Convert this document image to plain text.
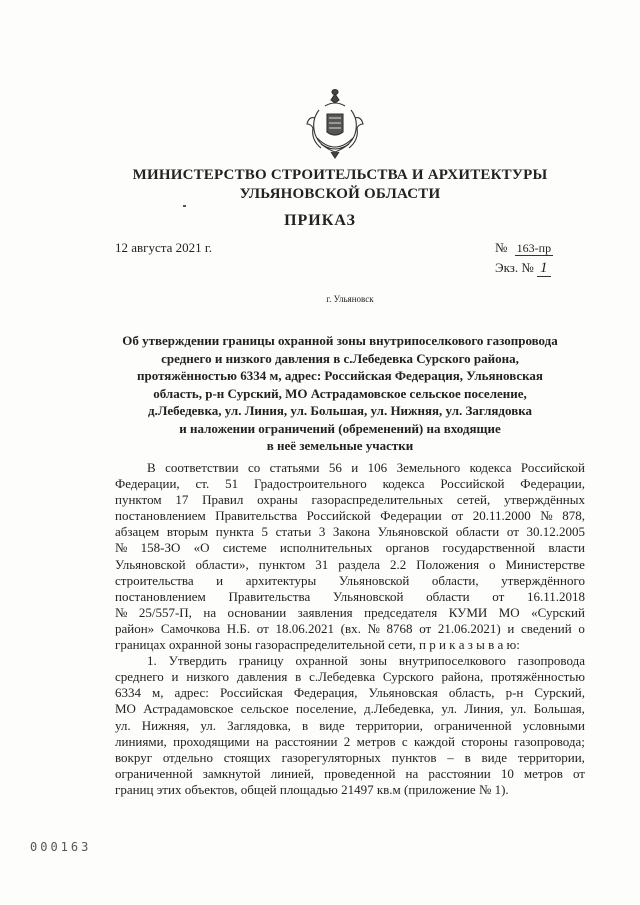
МИНИСТЕРСТВО СТРОИТЕЛЬСТВА И АРХИТЕКТУРЫ
УЛЬЯНОВСКОЙ ОБЛАСТИ
ПРИКАЗ
12 августа 2021 г.	№ 163-пр
Экз. № 1
г. Ульяновск
Об утверждении границы охранной зоны внутрипоселкового газопровода
среднего и низкого давления в с.Лебедевка Сурского района,
протяжённостью 6334 м, адрес: Российская Федерация, Ульяновская
область, р-н Сурский, МО Астрадамовское сельское поселение,
д.Лебедевка, ул. Линия, ул. Большая, ул. Нижняя, ул. Заглядовка
и наложении ограничений (обременений) на входящие
в неё земельные участки
В соответствии со статьями 56 и 106 Земельного кодекса Российской
Федерации, ст. 51 Градостроительного кодекса Российской Федерации,
пунктом 17 Правил охраны газораспределительных сетей, утверждённых
постановлением Правительства Российской Федерации от 20.11.2000 № 878,
абзацем вторым пункта 5 статьи 3 Закона Ульяновской области от 30.12.2005
№ 158-ЗО «О системе исполнительных органов государственной власти
Ульяновской области», пунктом 31 раздела 2.2 Положения о Министерстве
строительства и архитектуры Ульяновской области, утверждённого
постановлением Правительства Ульяновской области от 16.11.2018
№ 25/557-П, на основании заявления председателя КУМИ МО «Сурский
район» Самочкова Н.Б. от 18.06.2021 (вх. № 8768 от 21.06.2021) и сведений о
границах охранной зоны газораспределительной сети, п р и к а з ы в а ю:
1. Утвердить границу охранной зоны внутрипоселкового газопровода
среднего и низкого давления в с.Лебедевка Сурского района, протяжённостью
6334 м, адрес: Российская Федерация, Ульяновская область, р-н Сурский,
МО Астрадамовское сельское поселение, д.Лебедевка, ул. Линия, ул. Большая,
ул. Нижняя, ул. Заглядовка, в виде территории, ограниченной условными
линиями, проходящими на расстоянии 2 метров с каждой стороны газопровода;
вокруг отдельно стоящих газорегуляторных пунктов – в виде территории,
ограниченной замкнутой линией, проведенной на расстоянии 10 метров от
границ этих объектов, общей площадью 21497 кв.м (приложение № 1).
000163
